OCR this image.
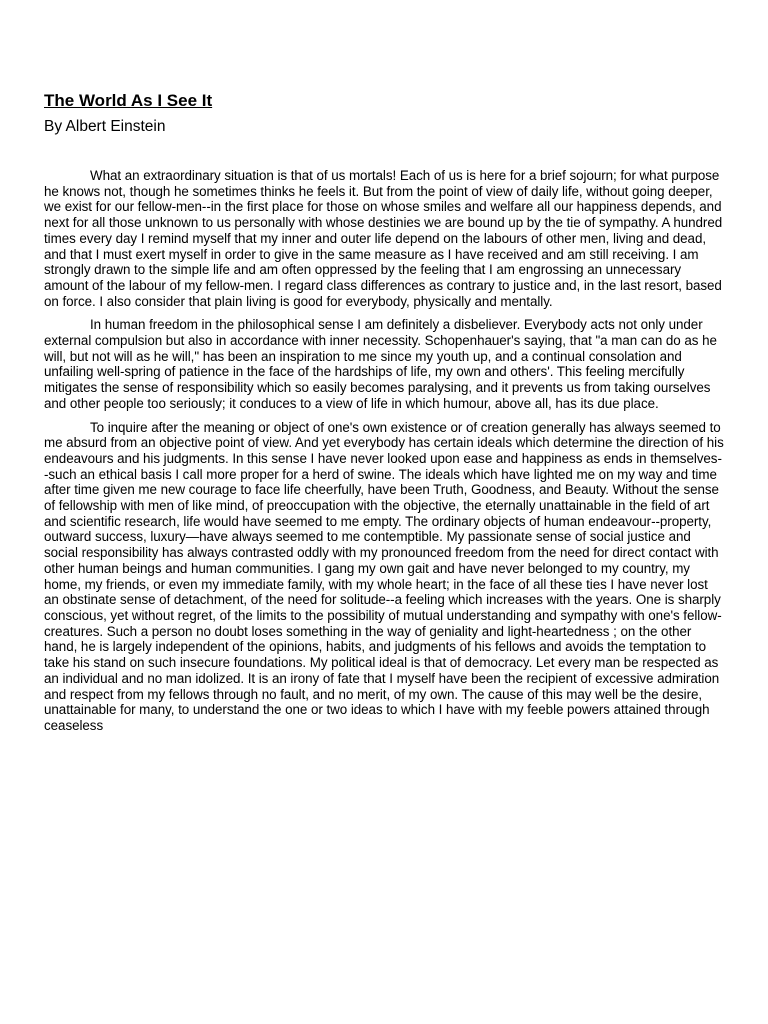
The World As I See It

By Albert Einstein

What an extraordinary situation is that of us mortals! Each of us is here for a brief sojourn; for what purpose he knows not, though he sometimes thinks he feels it. But from the point of view of daily life, without going deeper, we exist for our fellow-men--in the first place for those on whose smiles and welfare all our happiness depends, and next for all those unknown to us personally with whose destinies we are bound up by the tie of sympathy. A hundred times every day I remind myself that my inner and outer life depend on the labours of other men, living and dead, and that I must exert myself in order to give in the same measure as I have received and am still receiving. I am strongly drawn to the simple life and am often oppressed by the feeling that I am engrossing an unnecessary amount of the labour of my fellow-men. I regard class differences as contrary to justice and, in the last resort, based on force. I also consider that plain living is good for everybody, physically and mentally.

In human freedom in the philosophical sense I am definitely a disbeliever. Everybody acts not only under external compulsion but also in accordance with inner necessity. Schopenhauer's saying, that "a man can do as he will, but not will as he will," has been an inspiration to me since my youth up, and a continual consolation and unfailing well-spring of patience in the face of the hardships of life, my own and others'. This feeling mercifully mitigates the sense of responsibility which so easily becomes paralysing, and it prevents us from taking ourselves and other people too seriously; it conduces to a view of life in which humour, above all, has its due place.

To inquire after the meaning or object of one's own existence or of creation generally has always seemed to me absurd from an objective point of view. And yet everybody has certain ideals which determine the direction of his endeavours and his judgments. In this sense I have never looked upon ease and happiness as ends in themselves--such an ethical basis I call more proper for a herd of swine. The ideals which have lighted me on my way and time after time given me new courage to face life cheerfully, have been Truth, Goodness, and Beauty. Without the sense of fellowship with men of like mind, of preoccupation with the objective, the eternally unattainable in the field of art and scientific research, life would have seemed to me empty. The ordinary objects of human endeavour--property, outward success, luxury—have always seemed to me contemptible. My passionate sense of social justice and social responsibility has always contrasted oddly with my pronounced freedom from the need for direct contact with other human beings and human communities. I gang my own gait and have never belonged to my country, my home, my friends, or even my immediate family, with my whole heart; in the face of all these ties I have never lost an obstinate sense of detachment, of the need for solitude--a feeling which increases with the years. One is sharply conscious, yet without regret, of the limits to the possibility of mutual understanding and sympathy with one's fellow-creatures. Such a person no doubt loses something in the way of geniality and light-heartedness ; on the other hand, he is largely independent of the opinions, habits, and judgments of his fellows and avoids the temptation to take his stand on such insecure foundations. My political ideal is that of democracy. Let every man be respected as an individual and no man idolized. It is an irony of fate that I myself have been the recipient of excessive admiration and respect from my fellows through no fault, and no merit, of my own. The cause of this may well be the desire, unattainable for many, to understand the one or two ideas to which I have with my feeble powers attained through ceaseless
